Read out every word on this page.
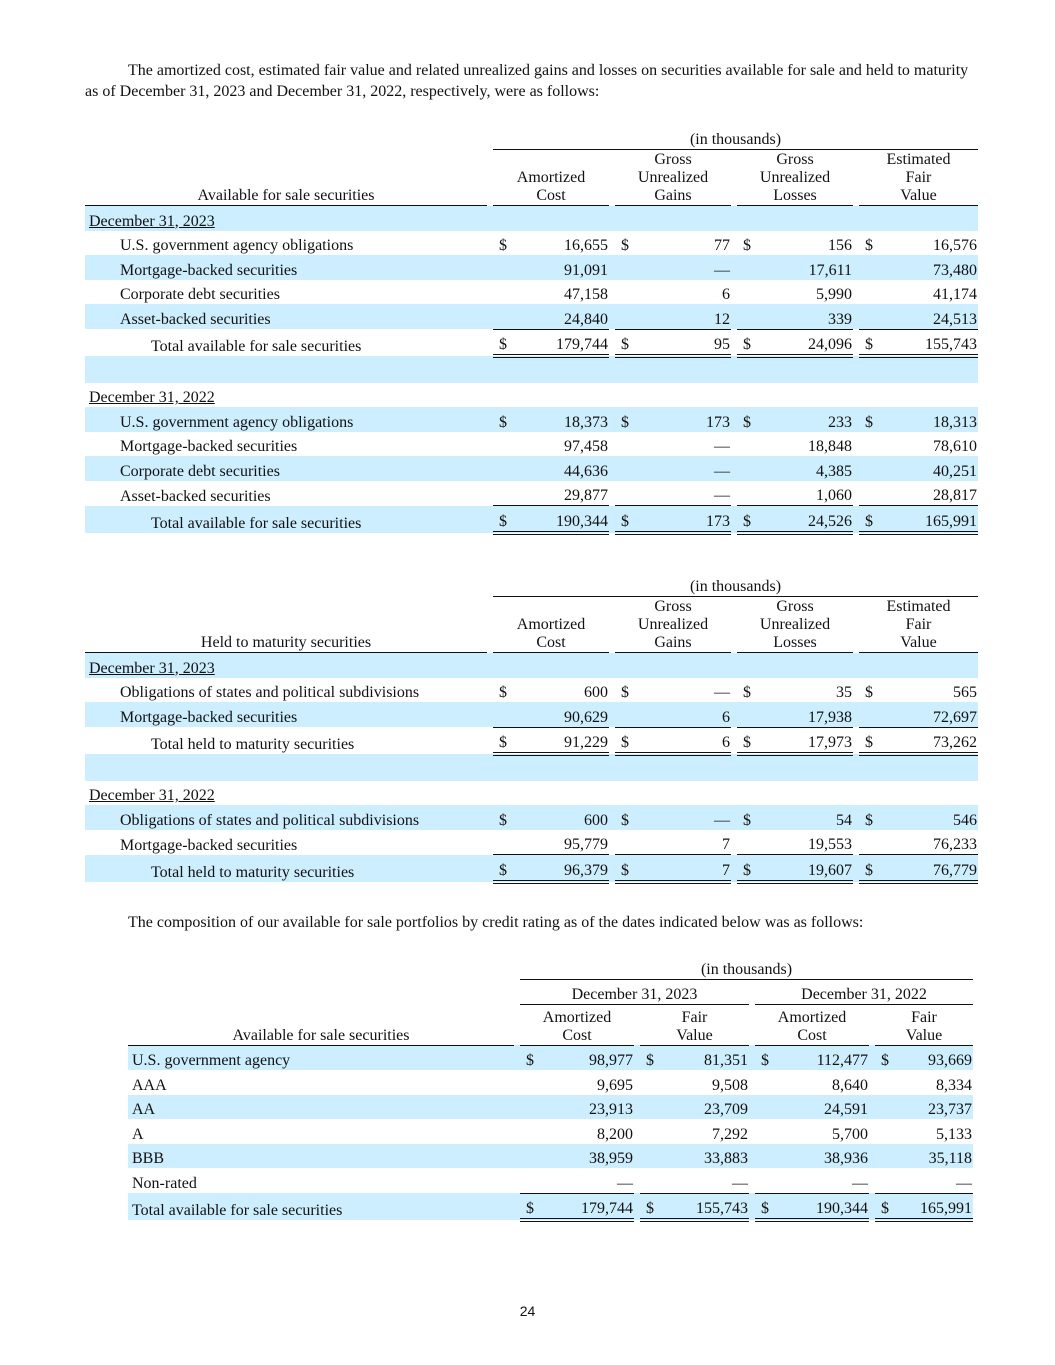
The amortized cost, estimated fair value and related unrealized gains and losses on securities available for sale and held to maturity as of December 31, 2023 and December 31, 2022, respectively, were as follows:
		(in thousands)										
Available for sale securities		Amortized
Cost			Gross
Unrealized
Gains			Gross
Unrealized
Losses			Estimated
Fair
Value	
December 31, 2023												
U.S. government agency obligations		$	16,655		$	77		$	156		$	16,576
Mortgage-backed securities			91,091			—			17,611			73,480
Corporate debt securities			47,158			6			5,990			41,174
Asset-backed securities			24,840			12			339			24,513
Total available for sale securities		$	179,744		$	95		$	24,096		$	155,743

December 31, 2022												
U.S. government agency obligations		$	18,373		$	173		$	233		$	18,313
Mortgage-backed securities			97,458			—			18,848			78,610
Corporate debt securities			44,636			—			4,385			40,251
Asset-backed securities			29,877			—			1,060			28,817
Total available for sale securities		$	190,344		$	173		$	24,526		$	165,991
		(in thousands)										
Held to maturity securities		Amortized
Cost			Gross
Unrealized
Gains			Gross
Unrealized
Losses			Estimated
Fair
Value	
December 31, 2023												
Obligations of states and political subdivisions		$	600		$	—		$	35		$	565
Mortgage-backed securities			90,629			6			17,938			72,697
Total held to maturity securities		$	91,229		$	6		$	17,973		$	73,262

December 31, 2022												
Obligations of states and political subdivisions		$	600		$	—		$	54		$	546
Mortgage-backed securities			95,779			7			19,553			76,233
Total held to maturity securities		$	96,379		$	7		$	19,607		$	76,779
The composition of our available for sale portfolios by credit rating as of the dates indicated below was as follows:
		(in thousands)										
		December 31, 2023						December 31, 2022				
Available for sale securities		Amortized
Cost			Fair
Value			Amortized
Cost			Fair
Value	
U.S. government agency		$	98,977		$	81,351		$	112,477		$	93,669
AAA			9,695			9,508			8,640			8,334
AA			23,913			23,709			24,591			23,737
A			8,200			7,292			5,700			5,133
BBB			38,959			33,883			38,936			35,118
Non-rated			—			—			—			—
Total available for sale securities		$	179,744		$	155,743		$	190,344		$	165,991
24
